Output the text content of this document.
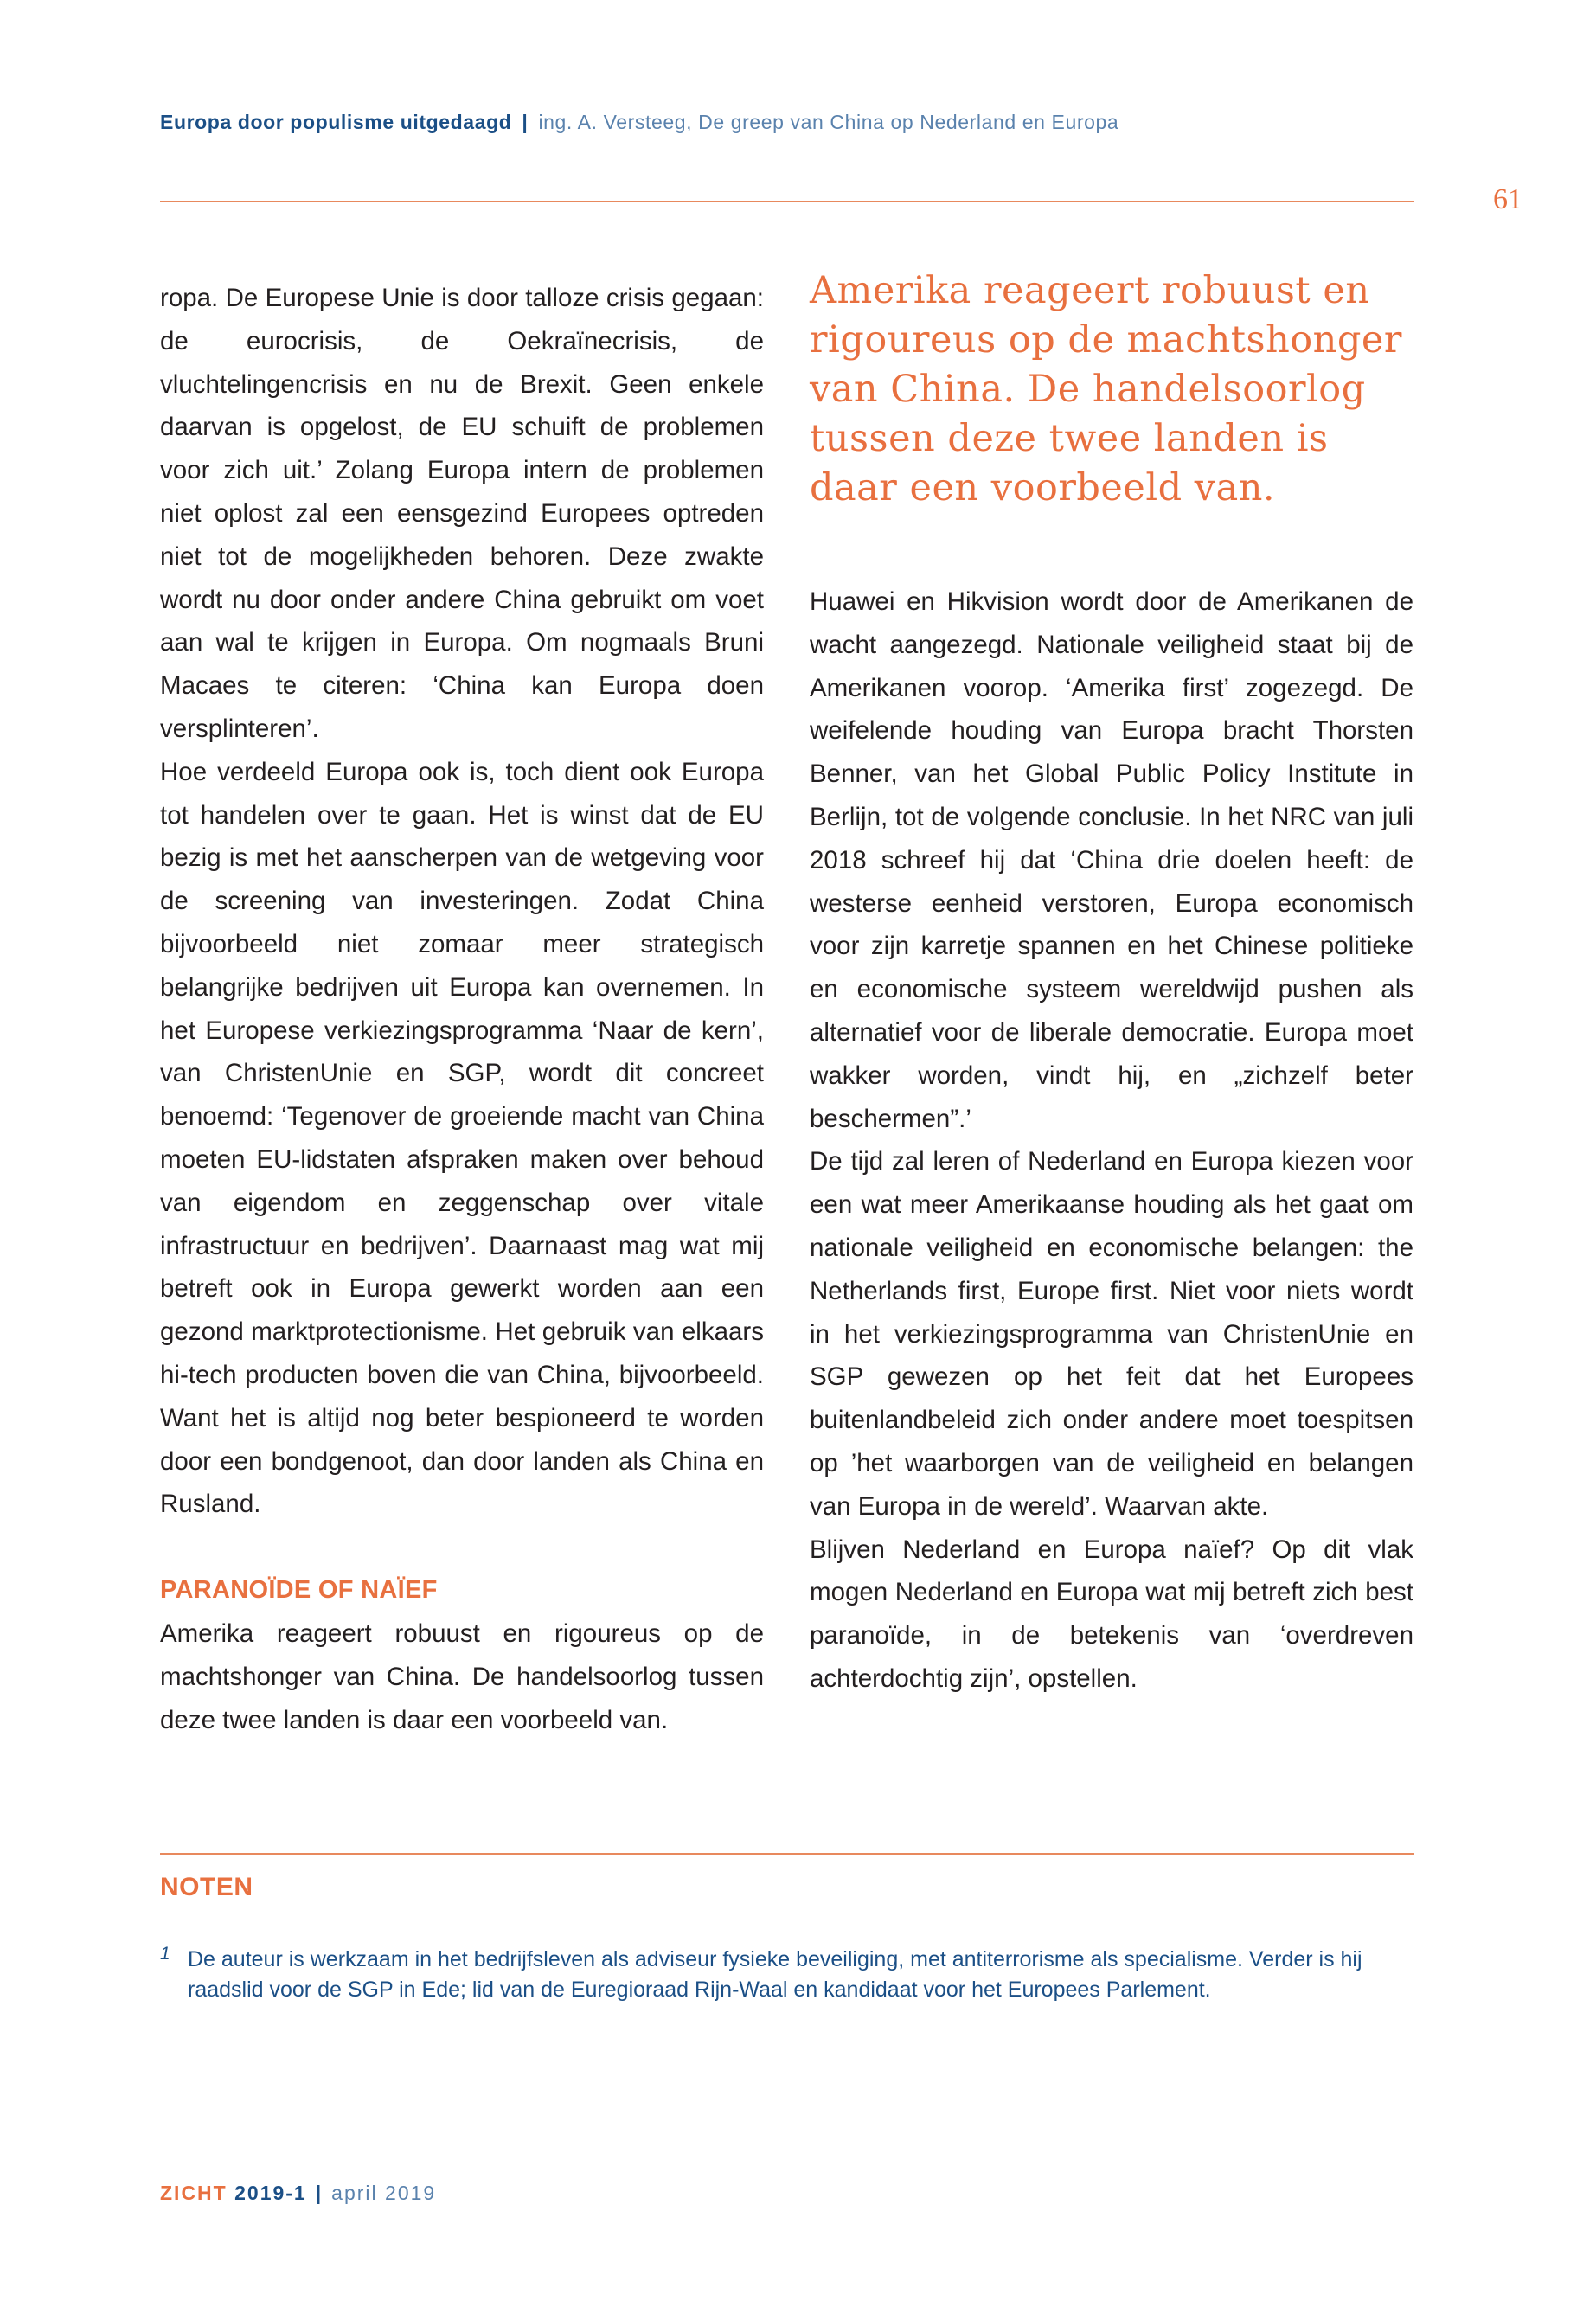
Europa door populisme uitgedaagd | ing. A. Versteeg, De greep van China op Nederland en Europa
61

ropa. De Europese Unie is door talloze crisis gegaan: de eurocrisis, de Oekraïnecrisis, de vluchtelingencrisis en nu de Brexit. Geen enkele daarvan is opgelost, de EU schuift de problemen voor zich uit.’ Zolang Europa intern de problemen niet oplost zal een eensgezind Europees optreden niet tot de mogelijkheden behoren. Deze zwakte wordt nu door onder andere China gebruikt om voet aan wal te krijgen in Europa. Om nogmaals Bruni Macaes te citeren: ‘China kan Europa doen versplinteren’.

Hoe verdeeld Europa ook is, toch dient ook Europa tot handelen over te gaan. Het is winst dat de EU bezig is met het aanscherpen van de wetgeving voor de screening van investeringen. Zodat China bijvoorbeeld niet zomaar meer strategisch belangrijke bedrijven uit Europa kan overnemen. In het Europese verkiezingsprogramma ‘Naar de kern’, van ChristenUnie en SGP, wordt dit concreet benoemd: ‘Tegenover de groeiende macht van China moeten EU-lidstaten afspraken maken over behoud van eigendom en zeggenschap over vitale infrastructuur en bedrijven’. Daarnaast mag wat mij betreft ook in Europa gewerkt worden aan een gezond marktprotectionisme. Het gebruik van elkaars hi-tech producten boven die van China, bijvoorbeeld. Want het is altijd nog beter bespioneerd te worden door een bondgenoot, dan door landen als China en Rusland.

PARANOÏDE OF NAÏEF

Amerika reageert robuust en rigoureus op de machtshonger van China. De handelsoorlog tussen deze twee landen is daar een voorbeeld van.

Amerika reageert robuust en rigoureus op de machtshonger van China. De handelsoorlog tussen deze twee landen is daar een voorbeeld van.

Huawei en Hikvision wordt door de Amerikanen de wacht aangezegd. Nationale veiligheid staat bij de Amerikanen voorop. ‘Amerika first’ zogezegd. De weifelende houding van Europa bracht Thorsten Benner, van het Global Public Policy Institute in Berlijn, tot de volgende conclusie. In het NRC van juli 2018 schreef hij dat ‘China drie doelen heeft: de westerse eenheid verstoren, Europa economisch voor zijn karretje spannen en het Chinese politieke en economische systeem wereldwijd pushen als alternatief voor de liberale democratie. Europa moet wakker worden, vindt hij, en „zichzelf beter beschermen”.’

De tijd zal leren of Nederland en Europa kiezen voor een wat meer Amerikaanse houding als het gaat om nationale veiligheid en economische belangen: the Netherlands first, Europe first. Niet voor niets wordt in het verkiezingsprogramma van ChristenUnie en SGP gewezen op het feit dat het Europees buitenlandbeleid zich onder andere moet toespitsen op ’het waarborgen van de veiligheid en belangen van Europa in de wereld’. Waarvan akte.

Blijven Nederland en Europa naïef? Op dit vlak mogen Nederland en Europa wat mij betreft zich best paranoïde, in de betekenis van ‘overdreven achterdochtig zijn’, opstellen.

NOTEN
1 De auteur is werkzaam in het bedrijfsleven als adviseur fysieke beveiliging, met antiterrorisme als specialisme. Verder is hij raadslid voor de SGP in Ede; lid van de Euregioraad Rijn-Waal en kandidaat voor het Europees Parlement.
ZICHT 2019-1 | april 2019
